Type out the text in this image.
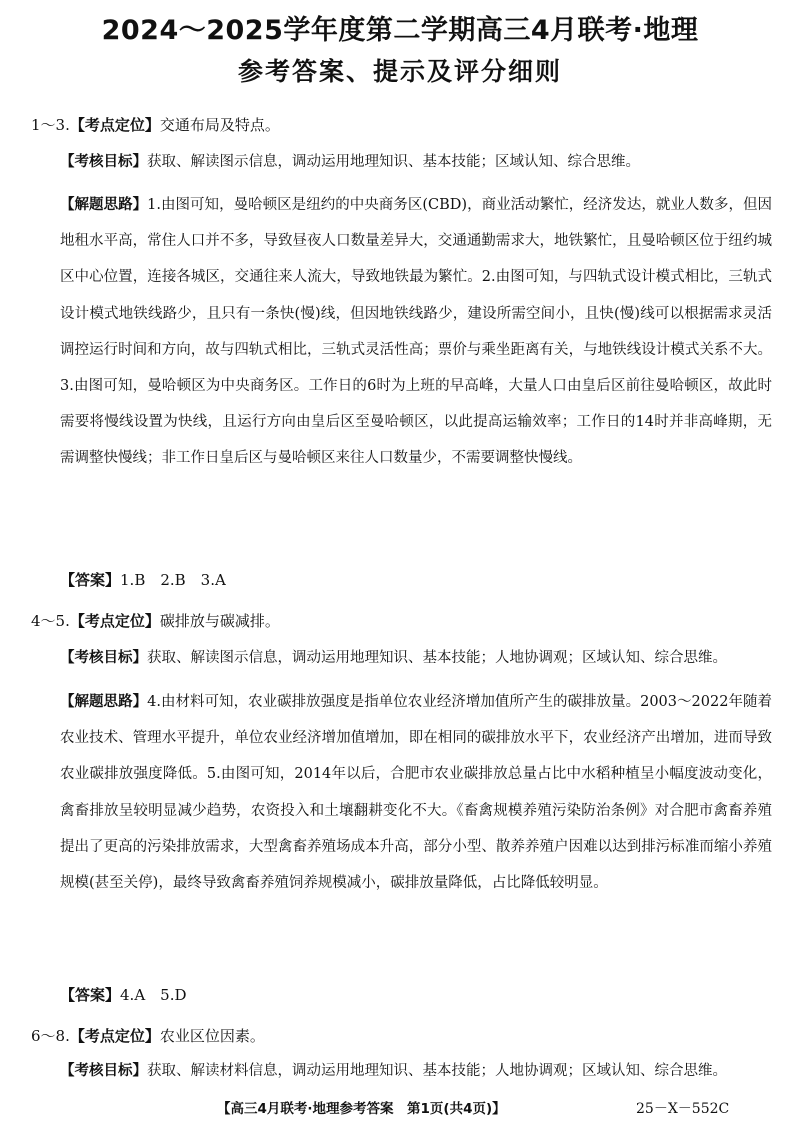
2024～2025学年度第二学期高三4月联考·地理
参考答案、提示及评分细则
1～3.【考点定位】交通布局及特点。
【考核目标】获取、解读图示信息，调动运用地理知识、基本技能；区域认知、综合思维。
【解题思路】1.由图可知，曼哈顿区是纽约的中央商务区(CBD)，商业活动繁忙，经济发达，就业人数多，但因地租水平高，常住人口并不多，导致昼夜人口数量差异大，交通通勤需求大，地铁繁忙，且曼哈顿区位于纽约城区中心位置，连接各城区，交通往来人流大，导致地铁最为繁忙。2.由图可知，与四轨式设计模式相比，三轨式设计模式地铁线路少，且只有一条快(慢)线，但因地铁线路少，建设所需空间小，且快(慢)线可以根据需求灵活调控运行时间和方向，故与四轨式相比，三轨式灵活性高；票价与乘坐距离有关，与地铁线设计模式关系不大。3.由图可知，曼哈顿区为中央商务区。工作日的6时为上班的早高峰，大量人口由皇后区前往曼哈顿区，故此时需要将慢线设置为快线，且运行方向由皇后区至曼哈顿区，以此提高运输效率；工作日的14时并非高峰期，无需调整快慢线；非工作日皇后区与曼哈顿区来往人口数量少，不需要调整快慢线。
【答案】1.B　2.B　3.A
4～5.【考点定位】碳排放与碳减排。
【考核目标】获取、解读图示信息，调动运用地理知识、基本技能；人地协调观；区域认知、综合思维。
【解题思路】4.由材料可知，农业碳排放强度是指单位农业经济增加值所产生的碳排放量。2003～2022年随着农业技术、管理水平提升，单位农业经济增加值增加，即在相同的碳排放水平下，农业经济产出增加，进而导致农业碳排放强度降低。5.由图可知，2014年以后，合肥市农业碳排放总量占比中水稻种植呈小幅度波动变化，禽畜排放呈较明显减少趋势，农资投入和土壤翻耕变化不大。《畜禽规模养殖污染防治条例》对合肥市禽畜养殖提出了更高的污染排放需求，大型禽畜养殖场成本升高，部分小型、散养养殖户因难以达到排污标准而缩小养殖规模(甚至关停)，最终导致禽畜养殖饲养规模减小，碳排放量降低，占比降低较明显。
【答案】4.A　5.D
6～8.【考点定位】农业区位因素。
【考核目标】获取、解读材料信息，调动运用地理知识、基本技能；人地协调观；区域认知、综合思维。
【高三4月联考·地理参考答案　第1页(共4页)】	25－X－552C
